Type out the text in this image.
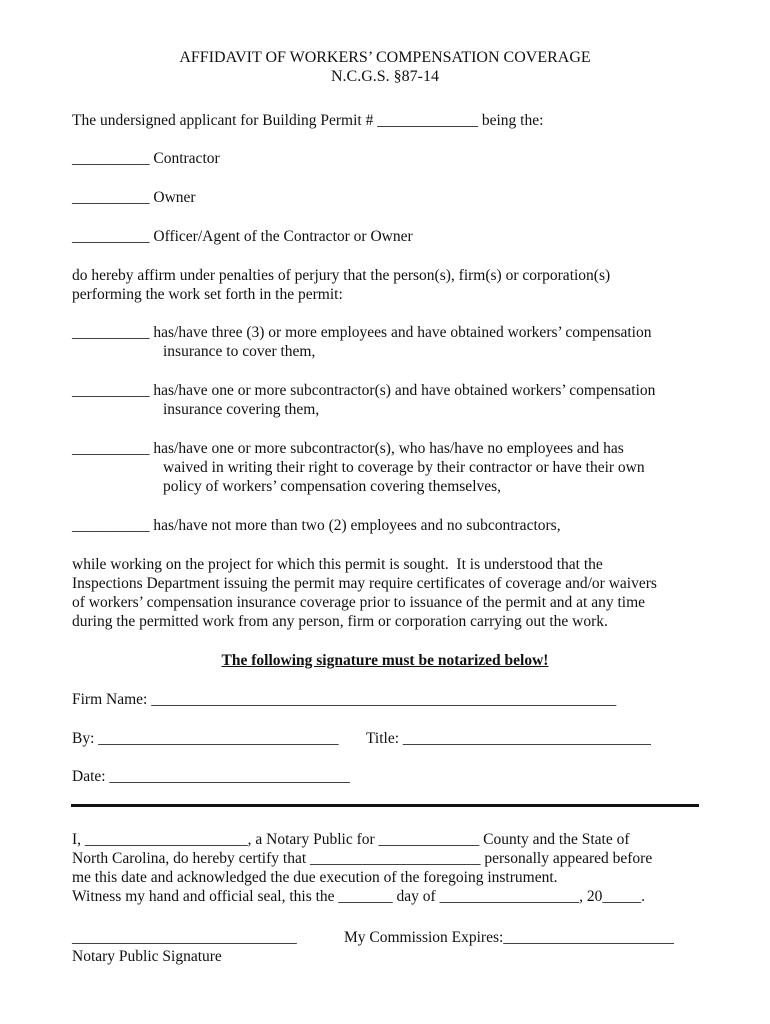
AFFIDAVIT OF WORKERS’ COMPENSATION COVERAGE
N.C.G.S. §87-14
The undersigned applicant for Building Permit # _____________ being the:
__________ Contractor
__________ Owner
__________ Officer/Agent of the Contractor or Owner
do hereby affirm under penalties of perjury that the person(s), firm(s) or corporation(s)
performing the work set forth in the permit:
__________ has/have three (3) or more employees and have obtained workers’ compensation
insurance to cover them,
__________ has/have one or more subcontractor(s) and have obtained workers’ compensation
insurance covering them,
__________ has/have one or more subcontractor(s), who has/have no employees and has
waived in writing their right to coverage by their contractor or have their own
policy of workers’ compensation covering themselves,
__________ has/have not more than two (2) employees and no subcontractors,
while working on the project for which this permit is sought.  It is understood that the
Inspections Department issuing the permit may require certificates of coverage and/or waivers
of workers’ compensation insurance coverage prior to issuance of the permit and at any time
during the permitted work from any person, firm or corporation carrying out the work.
The following signature must be notarized below!
Firm Name: ____________________________________________________________
By: _______________________________ Title: ________________________________
Date: _______________________________
I, _____________________, a Notary Public for _____________ County and the State of
North Carolina, do hereby certify that ______________________ personally appeared before
me this date and acknowledged the due execution of the foregoing instrument.
Witness my hand and official seal, this the _______ day of __________________, 20_____.
_____________________________	My Commission Expires:______________________
Notary Public Signature
